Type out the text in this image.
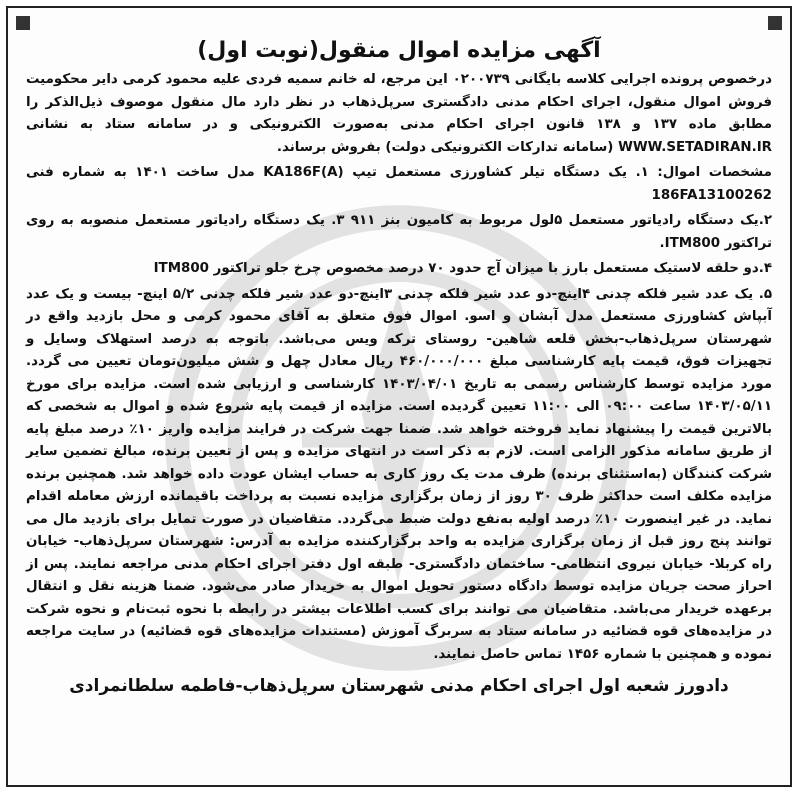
آگهی مزایده اموال منقول(نوبت اول)

درخصوص پرونده اجرایی کلاسه بایگانی ۰۲۰۰۷۳۹ این مرجع، له خانم سمیه فردی علیه محمود کرمی دایر محکومیت فروش اموال منقول، اجرای احکام مدنی دادگستری سرپل‌ذهاب در نظر دارد مال منقول موصوف ذیل‌الذکر را مطابق ماده ۱۳۷ و ۱۳۸ قانون اجرای احکام مدنی به‌صورت الکترونیکی و در سامانه ستاد به نشانی WWW.SETADIRAN.IR (سامانه تدارکات الکترونیکی دولت) بفروش برساند.

مشخصات اموال: ۱. یک دستگاه تیلر کشاورزی مستعمل تیپ KA186F(A) مدل ساخت ۱۴۰۱ به شماره فنی 186FA13100262

۲.یک دستگاه رادیاتور مستعمل ۵لول مربوط به کامیون بنز ۹۱۱ ۳. یک دستگاه رادیاتور مستعمل منصوبه به روی تراکتور ITM800.

۴.دو حلقه لاستیک مستعمل بارز با میزان آج حدود ۷۰ درصد مخصوص چرخ جلو تراکتور ITM800

۵. یک عدد شیر فلکه چدنی ۴اینچ-دو عدد شیر فلکه چدنی ۳اینچ-دو عدد شیر فلکه چدنی ۵/۲ اینچ- بیست و یک عدد آبپاش کشاورزی مستعمل مدل آبشان و اسو. اموال فوق متعلق به آقای محمود کرمی و محل بازدید واقع در شهرستان سرپل‌ذهاب-بخش قلعه شاهین- روستای ترکه ویس می‌باشد. باتوجه به درصد استهلاک وسایل و تجهیزات فوق، قیمت پایه کارشناسی مبلغ ۴۶۰/۰۰۰/۰۰۰ ریال معادل چهل و شش میلیون‌تومان تعیین می گردد. مورد مزایده توسط کارشناس رسمی به تاریخ ۱۴۰۳/۰۴/۰۱ کارشناسی و ارزیابی شده است. مزایده برای مورخ ۱۴۰۳/۰۵/۱۱ ساعت ۰۹:۰۰ الی ۱۱:۰۰ تعیین گردیده است. مزایده از قیمت پایه شروع شده و اموال به شخصی که بالاترین قیمت را پیشنهاد نماید فروخته خواهد شد. ضمنا جهت شرکت در فرایند مزایده واریز ۱۰٪ درصد مبلغ پایه از طریق سامانه مذکور الزامی است. لازم به ذکر است در انتهای مزایده و پس از تعیین برنده، مبالغ تضمین سایر شرکت کنندگان (به‌استثنای برنده) ظرف مدت یک روز کاری به حساب ایشان عودت داده خواهد شد. همچنین برنده مزایده مکلف است حداکثر ظرف ۳۰ روز از زمان برگزاری مزایده نسبت به پرداخت باقیمانده ارزش معامله اقدام نماید. در غیر اینصورت ۱۰٪ درصد اولیه به‌نفع دولت ضبط می‌گردد. متقاضیان در صورت تمایل برای بازدید مال می توانند پنج روز قبل از زمان برگزاری مزایده به واحد برگزارکننده مزایده به آدرس: شهرستان سرپل‌ذهاب- خیابان راه کربلا- خیابان نیروی انتظامی- ساختمان دادگستری- طبقه اول دفتر اجرای احکام مدنی مراجعه نمایند. پس از احراز صحت جریان مزایده توسط دادگاه دستور تحویل اموال به خریدار صادر می‌شود. ضمنا هزینه نقل و انتقال برعهده خریدار می‌باشد. متقاضیان می توانند برای کسب اطلاعات بیشتر در رابطه با نحوه ثبت‌نام و نحوه شرکت در مزایده‌های قوه قضائیه در سامانه ستاد به سربرگ آموزش (مستندات مزایده‌های قوه قضائیه) در سایت مراجعه نموده و همچنین با شماره ۱۴۵۶ تماس حاصل نمایند.

دادورز شعبه اول اجرای احکام مدنی شهرستان سرپل‌ذهاب-فاطمه سلطانمرادی
